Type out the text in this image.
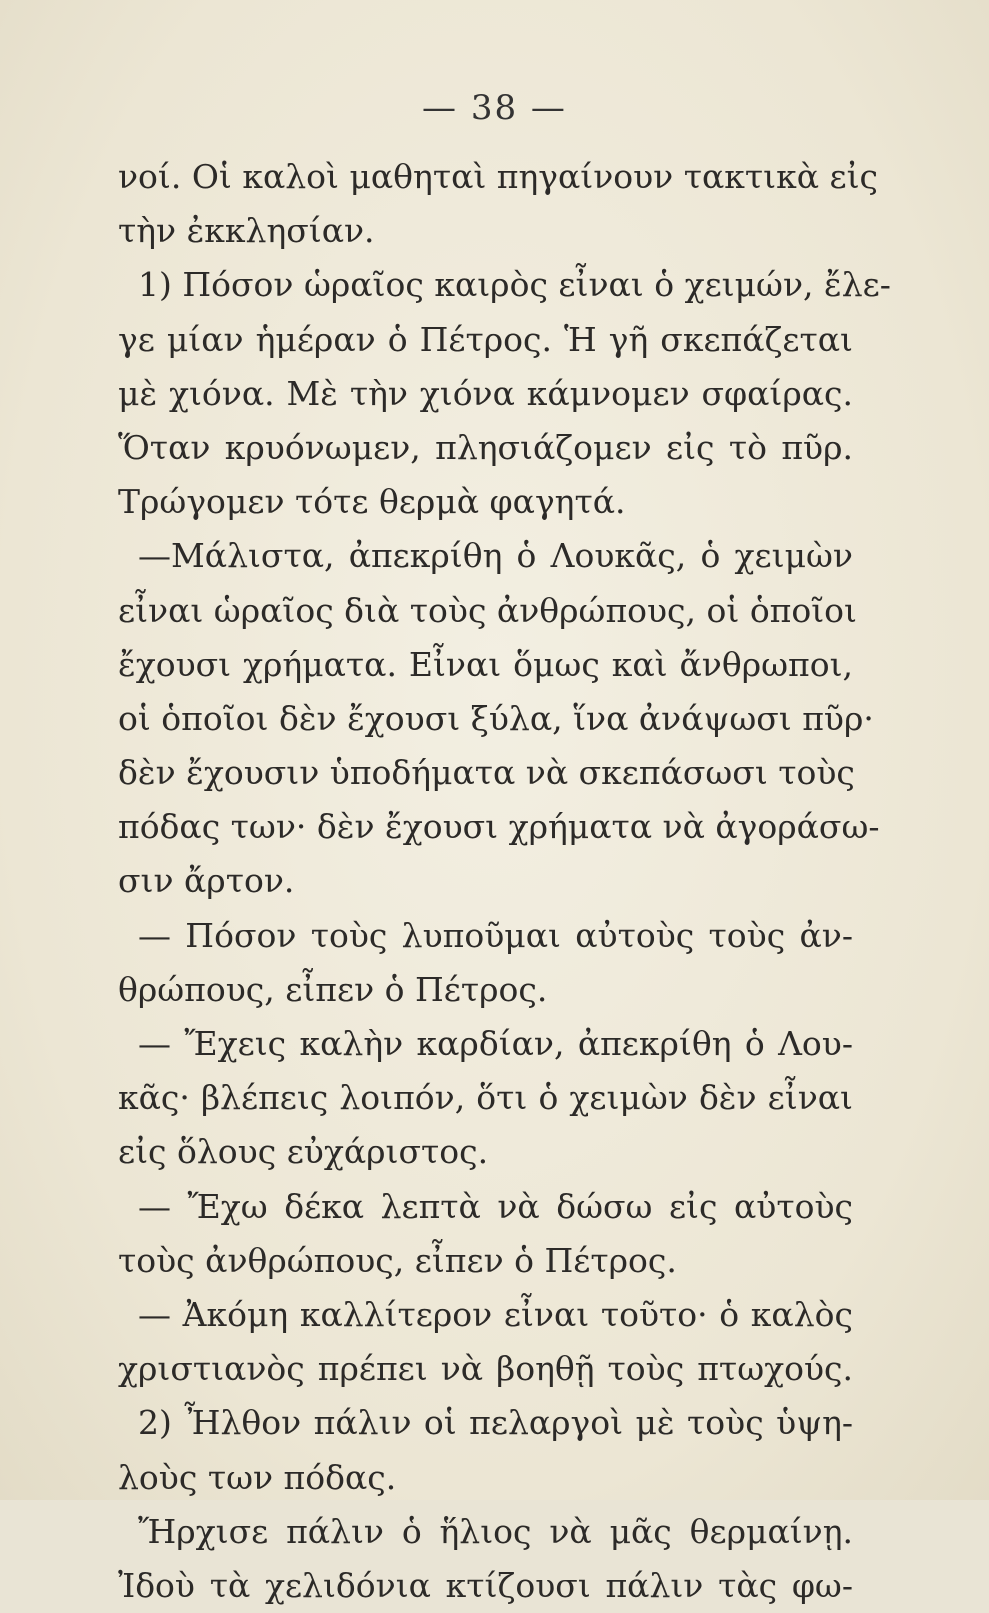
— 38 —
νοί. Οἱ καλοὶ μαθηταὶ πηγαίνουν τακτικὰ εἰς
τὴν ἐκκλησίαν.
1) Πόσον ὡραῖος καιρὸς εἶναι ὁ χειμών, ἔλε-
γε μίαν ἡμέραν ὁ Πέτρος. Ἡ γῆ σκεπάζεται
μὲ χιόνα. Μὲ τὴν χιόνα κάμνομεν σφαίρας.
Ὅταν κρυόνωμεν, πλησιάζομεν εἰς τὸ πῦρ.
Τρώγομεν τότε θερμὰ φαγητά.
—Μάλιστα, ἀπεκρίθη ὁ Λουκᾶς, ὁ χειμὼν
εἶναι ὡραῖος διὰ τοὺς ἀνθρώπους, οἱ ὁποῖοι
ἔχουσι χρήματα. Εἶναι ὅμως καὶ ἄνθρωποι,
οἱ ὁποῖοι δὲν ἔχουσι ξύλα, ἵνα ἀνάψωσι πῦρ·
δὲν ἔχουσιν ὑποδήματα νὰ σκεπάσωσι τοὺς
πόδας των· δὲν ἔχουσι χρήματα νὰ ἀγοράσω-
σιν ἄρτον.
— Πόσον τοὺς λυποῦμαι αὐτοὺς τοὺς ἀν-
θρώπους, εἶπεν ὁ Πέτρος.
— Ἔχεις καλὴν καρδίαν, ἀπεκρίθη ὁ Λου-
κᾶς· βλέπεις λοιπόν, ὅτι ὁ χειμὼν δὲν εἶναι
εἰς ὅλους εὐχάριστος.
— Ἔχω δέκα λεπτὰ νὰ δώσω εἰς αὐτοὺς
τοὺς ἀνθρώπους, εἶπεν ὁ Πέτρος.
— Ἀκόμη καλλίτερον εἶναι τοῦτο· ὁ καλὸς
χριστιανὸς πρέπει νὰ βοηθῇ τοὺς πτωχούς.
2) Ἦλθον πάλιν οἱ πελαργοὶ μὲ τοὺς ὑψη-
λοὺς των πόδας.
Ἤρχισε πάλιν ὁ ἥλιος νὰ μᾶς θερμαίνῃ.
Ἰδοὺ τὰ χελιδόνια κτίζουσι πάλιν τὰς φω-
